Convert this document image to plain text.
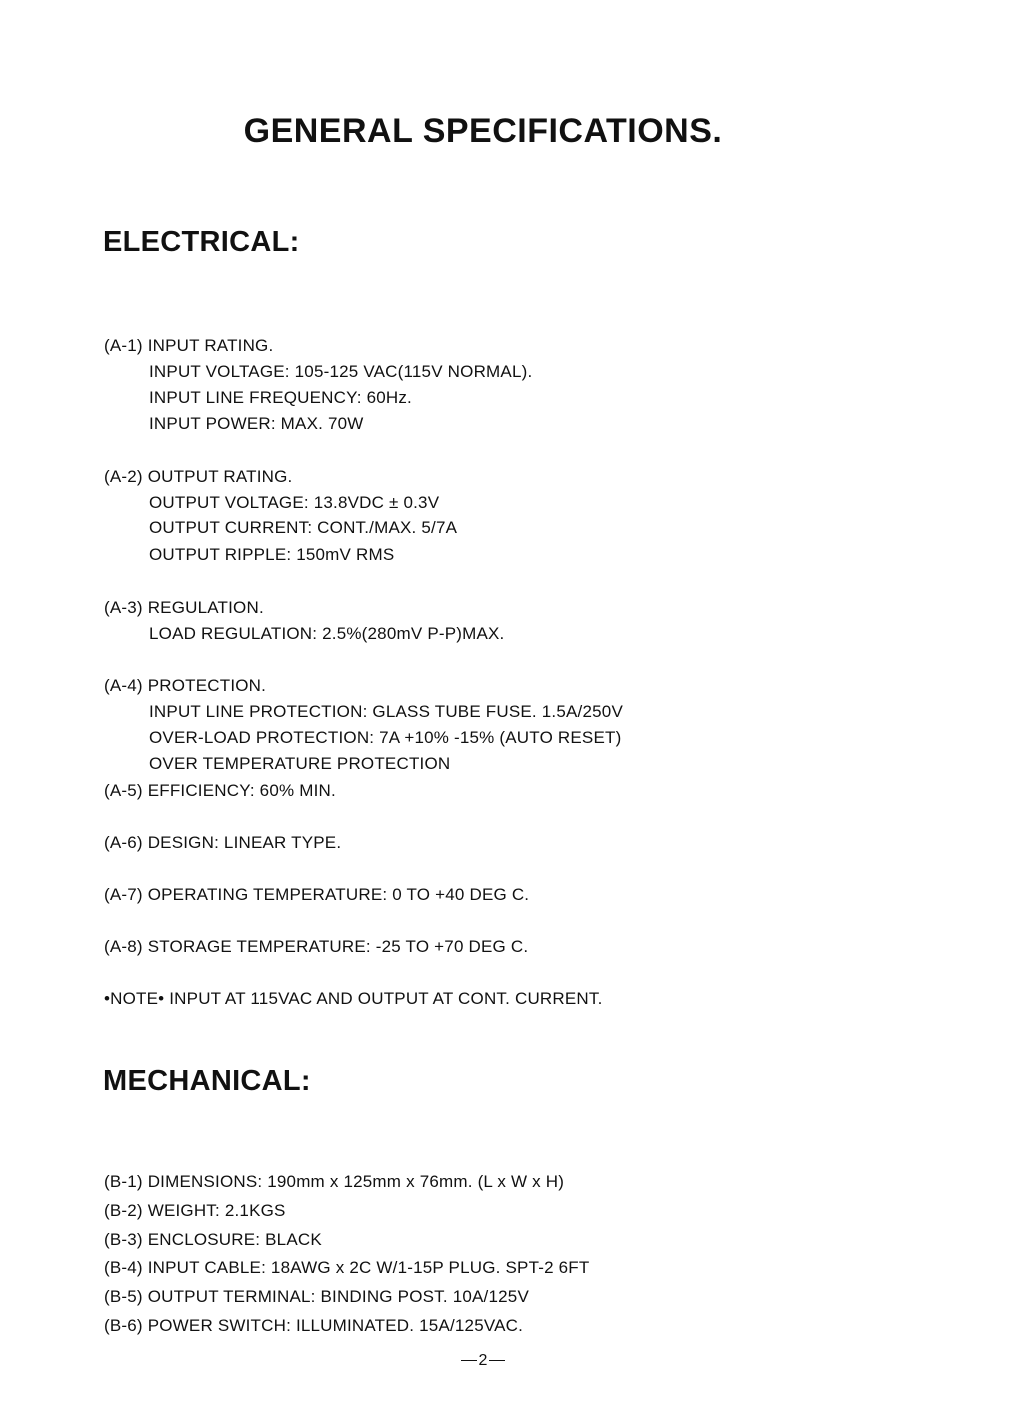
GENERAL SPECIFICATIONS.
ELECTRICAL:
(A-1) INPUT RATING.
INPUT VOLTAGE: 105-125 VAC(115V NORMAL).
INPUT LINE FREQUENCY: 60Hz.
INPUT POWER: MAX. 70W
(A-2) OUTPUT RATING.
OUTPUT VOLTAGE: 13.8VDC ± 0.3V
OUTPUT CURRENT: CONT./MAX. 5/7A
OUTPUT RIPPLE: 150mV RMS
(A-3) REGULATION.
LOAD REGULATION: 2.5%(280mV P-P)MAX.
(A-4) PROTECTION.
INPUT LINE PROTECTION: GLASS TUBE FUSE. 1.5A/250V
OVER-LOAD PROTECTION: 7A +10% -15% (AUTO RESET)
OVER TEMPERATURE PROTECTION
(A-5) EFFICIENCY: 60% MIN.
(A-6) DESIGN: LINEAR TYPE.
(A-7) OPERATING TEMPERATURE: 0 TO +40 DEG C.
(A-8) STORAGE TEMPERATURE: -25 TO +70 DEG C.
•NOTE• INPUT AT 115VAC AND OUTPUT AT CONT. CURRENT.
MECHANICAL:
(B-1) DIMENSIONS: 190mm x 125mm x 76mm. (L x W x H)
(B-2) WEIGHT: 2.1KGS
(B-3) ENCLOSURE: BLACK
(B-4) INPUT CABLE: 18AWG x 2C W/1-15P PLUG. SPT-2 6FT
(B-5) OUTPUT TERMINAL: BINDING POST. 10A/125V
(B-6) POWER SWITCH: ILLUMINATED. 15A/125VAC.
2
